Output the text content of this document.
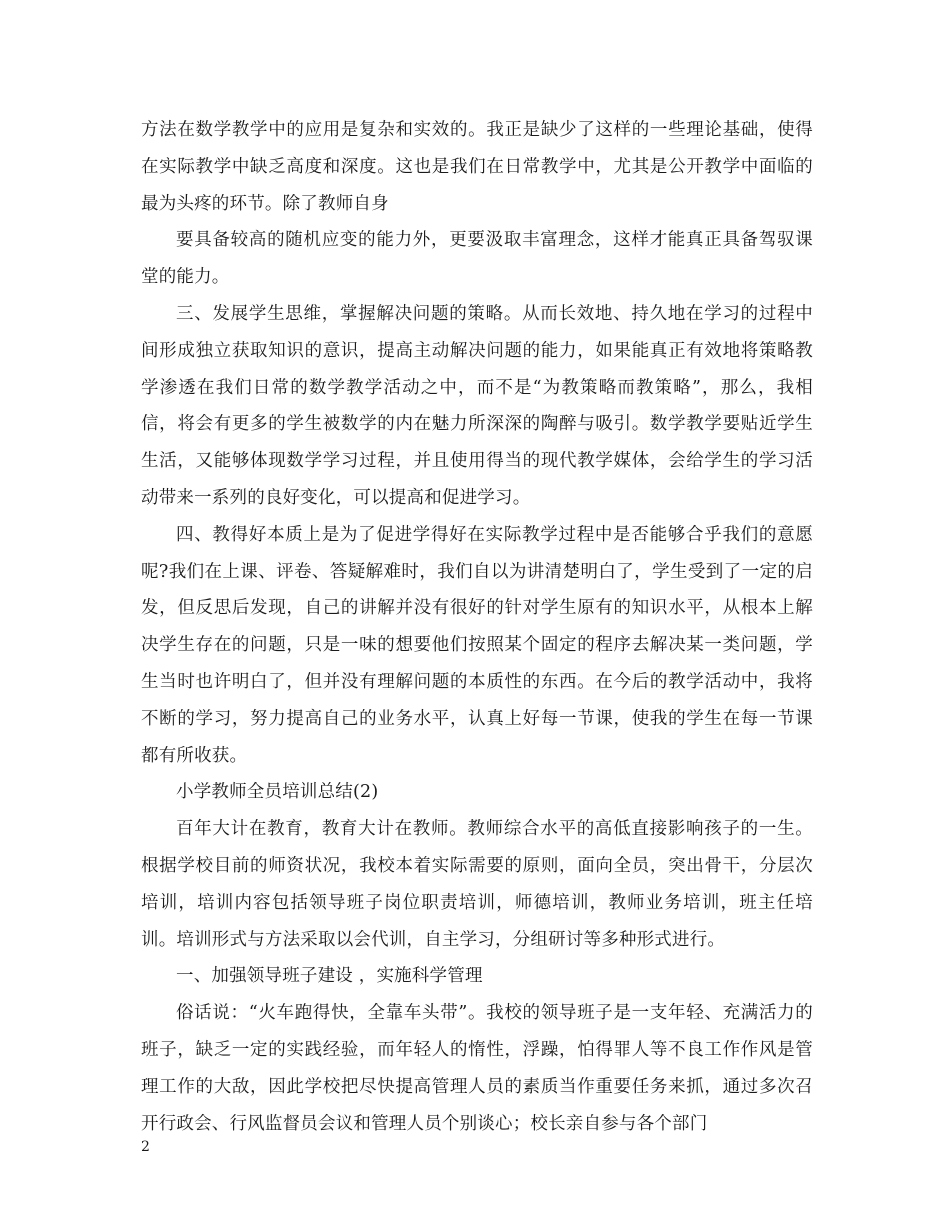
方法在数学教学中的应用是复杂和实效的。我正是缺少了这样的一些理论基础，使得在实际教学中缺乏高度和深度。这也是我们在日常教学中，尤其是公开教学中面临的最为头疼的环节。除了教师自身

要具备较高的随机应变的能力外，更要汲取丰富理念，这样才能真正具备驾驭课堂的能力。

三、发展学生思维，掌握解决问题的策略。从而长效地、持久地在学习的过程中间形成独立获取知识的意识，提高主动解决问题的能力，如果能真正有效地将策略教学渗透在我们日常的数学教学活动之中，而不是“为教策略而教策略”，那么，我相信，将会有更多的学生被数学的内在魅力所深深的陶醉与吸引。数学教学要贴近学生生活，又能够体现数学学习过程，并且使用得当的现代教学媒体，会给学生的学习活动带来一系列的良好变化，可以提高和促进学习。

四、教得好本质上是为了促进学得好在实际教学过程中是否能够合乎我们的意愿呢?我们在上课、评卷、答疑解难时，我们自以为讲清楚明白了，学生受到了一定的启发，但反思后发现，自己的讲解并没有很好的针对学生原有的知识水平，从根本上解决学生存在的问题，只是一味的想要他们按照某个固定的程序去解决某一类问题，学生当时也许明白了，但并没有理解问题的本质性的东西。在今后的教学活动中，我将不断的学习，努力提高自己的业务水平，认真上好每一节课，使我的学生在每一节课都有所收获。

小学教师全员培训总结(2)

百年大计在教育，教育大计在教师。教师综合水平的高低直接影响孩子的一生。根据学校目前的师资状况，我校本着实际需要的原则，面向全员，突出骨干，分层次培训，培训内容包括领导班子岗位职责培训，师德培训，教师业务培训，班主任培训。培训形式与方法采取以会代训，自主学习，分组研讨等多种形式进行。

一、加强领导班子建设 ，实施科学管理

俗话说：“火车跑得快，全靠车头带”。我校的领导班子是一支年轻、充满活力的班子，缺乏一定的实践经验，而年轻人的惰性，浮躁，怕得罪人等不良工作作风是管理工作的大敌，因此学校把尽快提高管理人员的素质当作重要任务来抓，通过多次召开行政会、行风监督员会议和管理人员个别谈心；校长亲自参与各个部门

2
